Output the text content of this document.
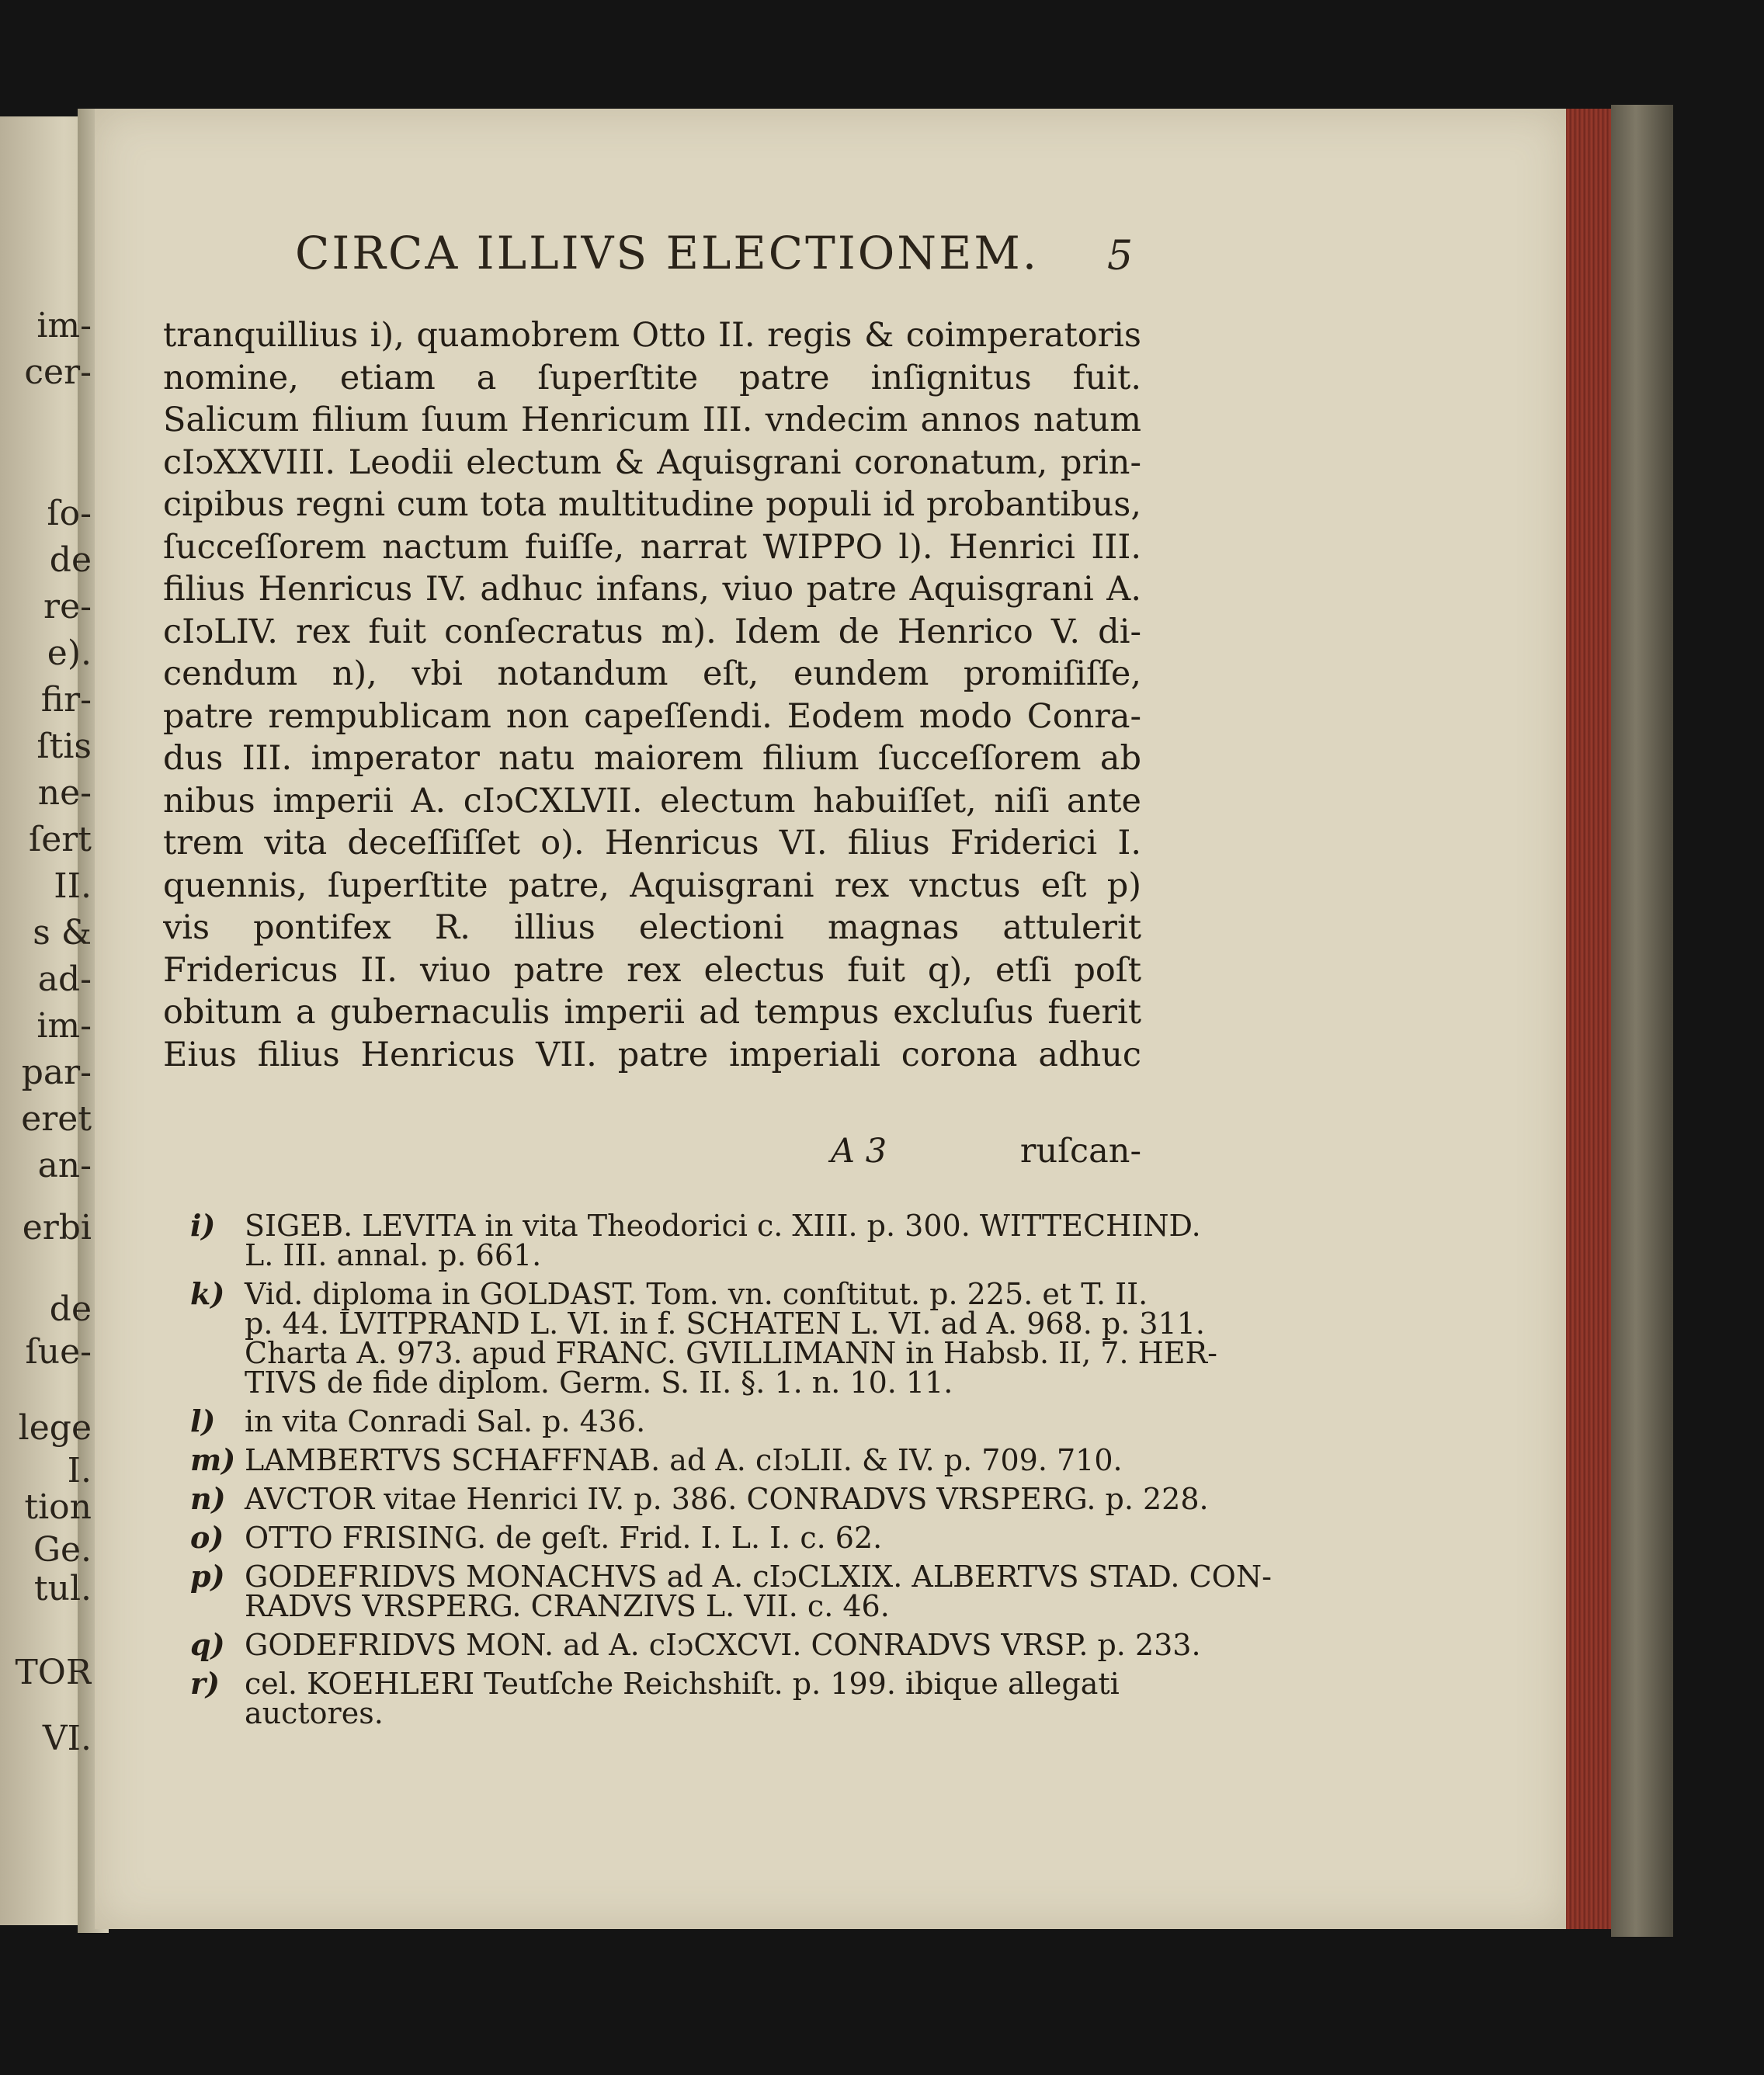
im-
cer-
ſo-
de
re-
e).
fir-
ſtis
ne-
ſert
II.
s &
ad-
im-
par-
eret
an-
erbi
de
ſue-
lege
I.
tion
Ge.
tul.
TOR
VI.
CIRCA ILLIVS ELECTIONEM. 5
tranquillius i), quamobrem Otto II. regis & coimperatoris
nomine, etiam a ſuperſtite patre inſignitus fuit.
Salicum filium ſuum Henricum III. vndecim annos natum
cIↄXXVIII. Leodii electum & Aquisgrani coronatum, prin-
cipibus regni cum tota multitudine populi id probantibus,
ſucceſſorem nactum fuiſſe, narrat WIPPO l). Henrici III.
filius Henricus IV. adhuc infans, viuo patre Aquisgrani A.
cIↄLIV. rex fuit conſecratus m). Idem de Henrico V. di-
cendum n), vbi notandum eſt, eundem promiſiſſe,
patre rempublicam non capeſſendi. Eodem modo Conra-
dus III. imperator natu maiorem filium ſucceſſorem ab
nibus imperii A. cIↄCXLVII. electum habuiſſet, niſi ante
trem vita deceſſiſſet o). Henricus VI. filius Friderici I.
quennis, ſuperſtite patre, Aquisgrani rex vnctus eſt p)
vis pontifex R. illius electioni magnas attulerit
Fridericus II. viuo patre rex electus fuit q), etſi poſt
obitum a gubernaculis imperii ad tempus excluſus fuerit
Eius filius Henricus VII. patre imperiali corona adhuc
A 3	ruſcan-
i) SIGEB. LEVITA in vita Theodorici c. XIII. p. 300. WITTECHIND.
L. III. annal. p. 661.
k) Vid. diploma in GOLDAST. Tom. vn. conſtitut. p. 225. et T. II.
p. 44. LVITPRAND L. VI. in f. SCHATEN L. VI. ad A. 968. p. 311.
Charta A. 973. apud FRANC. GVILLIMANN in Habsb. II, 7. HER-
TIVS de fide diplom. Germ. S. II. §. 1. n. 10. 11.
l) in vita Conradi Sal. p. 436.
m) LAMBERTVS SCHAFFNAB. ad A. cIↄLII. & IV. p. 709. 710.
n) AVCTOR vitae Henrici IV. p. 386. CONRADVS VRSPERG. p. 228.
o) OTTO FRISING. de geſt. Frid. I. L. I. c. 62.
p) GODEFRIDVS MONACHVS ad A. cIↄCLXIX. ALBERTVS STAD. CON-
RADVS VRSPERG. CRANZIVS L. VII. c. 46.
q) GODEFRIDVS MON. ad A. cIↄCXCVI. CONRADVS VRSP. p. 233.
r) cel. KOEHLERI Teutſche Reichshiſt. p. 199. ibique allegati
auctores.
